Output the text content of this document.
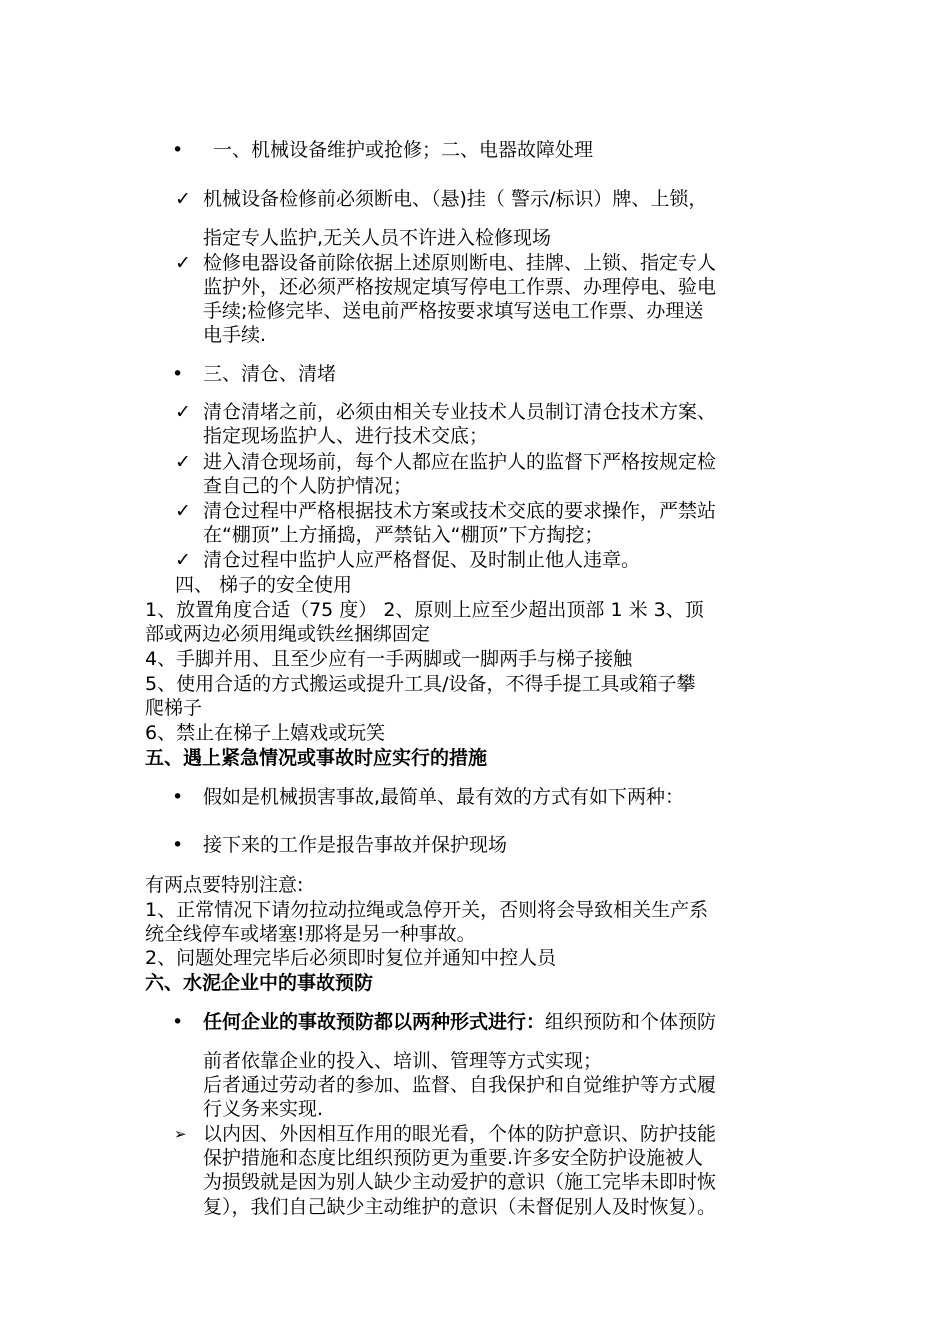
• 一、机械设备维护或抢修；二、电器故障处理
✓ 机械设备检修前必须断电、（悬)挂（ 警示/标识）牌、上锁，
指定专人监护,无关人员不许进入检修现场
✓ 检修电器设备前除依据上述原则断电、挂牌、上锁、指定专人
监护外，还必须严格按规定填写停电工作票、办理停电、验电
手续;检修完毕、送电前严格按要求填写送电工作票、办理送
电手续.
• 三、清仓、清堵
✓ 清仓清堵之前，必须由相关专业技术人员制订清仓技术方案、
指定现场监护人、进行技术交底；
✓ 进入清仓现场前，每个人都应在监护人的监督下严格按规定检
查自己的个人防护情况；
✓ 清仓过程中严格根据技术方案或技术交底的要求操作，严禁站
在“棚顶”上方捅捣，严禁钻入“棚顶”下方掏挖；
✓ 清仓过程中监护人应严格督促、及时制止他人违章。
四、 梯子的安全使用
1、放置角度合适（75 度） 2、原则上应至少超出顶部 1 米 3、顶
部或两边必须用绳或铁丝捆绑固定
4、手脚并用、且至少应有一手两脚或一脚两手与梯子接触
5、使用合适的方式搬运或提升工具/设备，不得手提工具或箱子攀
爬梯子
6、禁止在梯子上嬉戏或玩笑
五、遇上紧急情况或事故时应实行的措施
• 假如是机械损害事故,最简单、最有效的方式有如下两种：
• 接下来的工作是报告事故并保护现场
有两点要特别注意:
1、正常情况下请勿拉动拉绳或急停开关，否则将会导致相关生产系
统全线停车或堵塞!那将是另一种事故。
2、问题处理完毕后必须即时复位并通知中控人员
六、水泥企业中的事故预防
• 任何企业的事故预防都以两种形式进行：组织预防和个体预防
前者依靠企业的投入、培训、管理等方式实现；
后者通过劳动者的参加、监督、自我保护和自觉维护等方式履
行义务来实现.
➢ 以内因、外因相互作用的眼光看，个体的防护意识、防护技能
保护措施和态度比组织预防更为重要.许多安全防护设施被人
为损毁就是因为别人缺少主动爱护的意识（施工完毕未即时恢
复），我们自己缺少主动维护的意识（未督促别人及时恢复）。
